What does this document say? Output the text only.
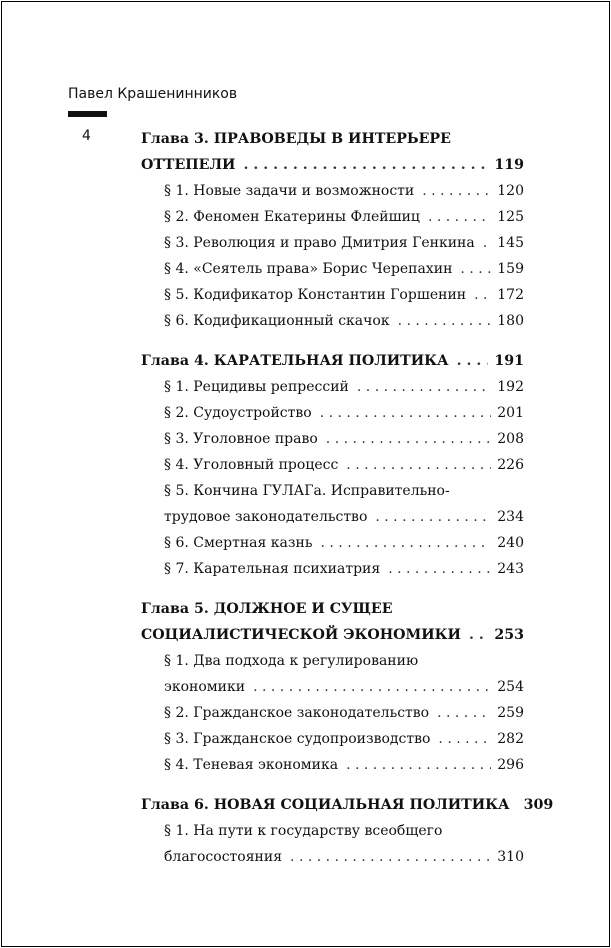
Павел Крашенинников
4	Глава 3. ПРАВОВЕДЫ В ИНТЕРЬЕРЕ
ОТТЕПЕЛИ . . .	119
§ 1. Новые задачи и возможности . . .	120
§ 2. Феномен Екатерины Флейшиц . . .	125
§ 3. Революция и право Дмитрия Генкина . . . 145
§ 4. «Сеятель права» Борис Черепахин . . .	159
§ 5. Кодификатор Константин Горшенин . . . 172
§ 6. Кодификационный скачок . . .	180
Глава 4. КАРАТЕЛЬНАЯ ПОЛИТИКА . . .	191
§ 1. Рецидивы репрессий . . .	192
§ 2. Судоустройство . . .	201
§ 3. Уголовное право . . .	208
§ 4. Уголовный процесс . . .	226
§ 5. Кончина ГУЛАГа. Исправительно-
трудовое законодательство . . .	234
§ 6. Смертная казнь . . .	240
§ 7. Карательная психиатрия . . .	243
Глава 5. ДОЛЖНОЕ И СУЩЕЕ
СОЦИАЛИСТИЧЕСКОЙ ЭКОНОМИКИ . . . 253
§ 1. Два подхода к регулированию
экономики . . .	254
§ 2. Гражданское законодательство . . .	259
§ 3. Гражданское судопроизводство . . .	282
§ 4. Теневая экономика . . .	296
Глава 6. НОВАЯ СОЦИАЛЬНАЯ ПОЛИТИКА 309
§ 1. На пути к государству всеобщего
благосостояния . . .	310
